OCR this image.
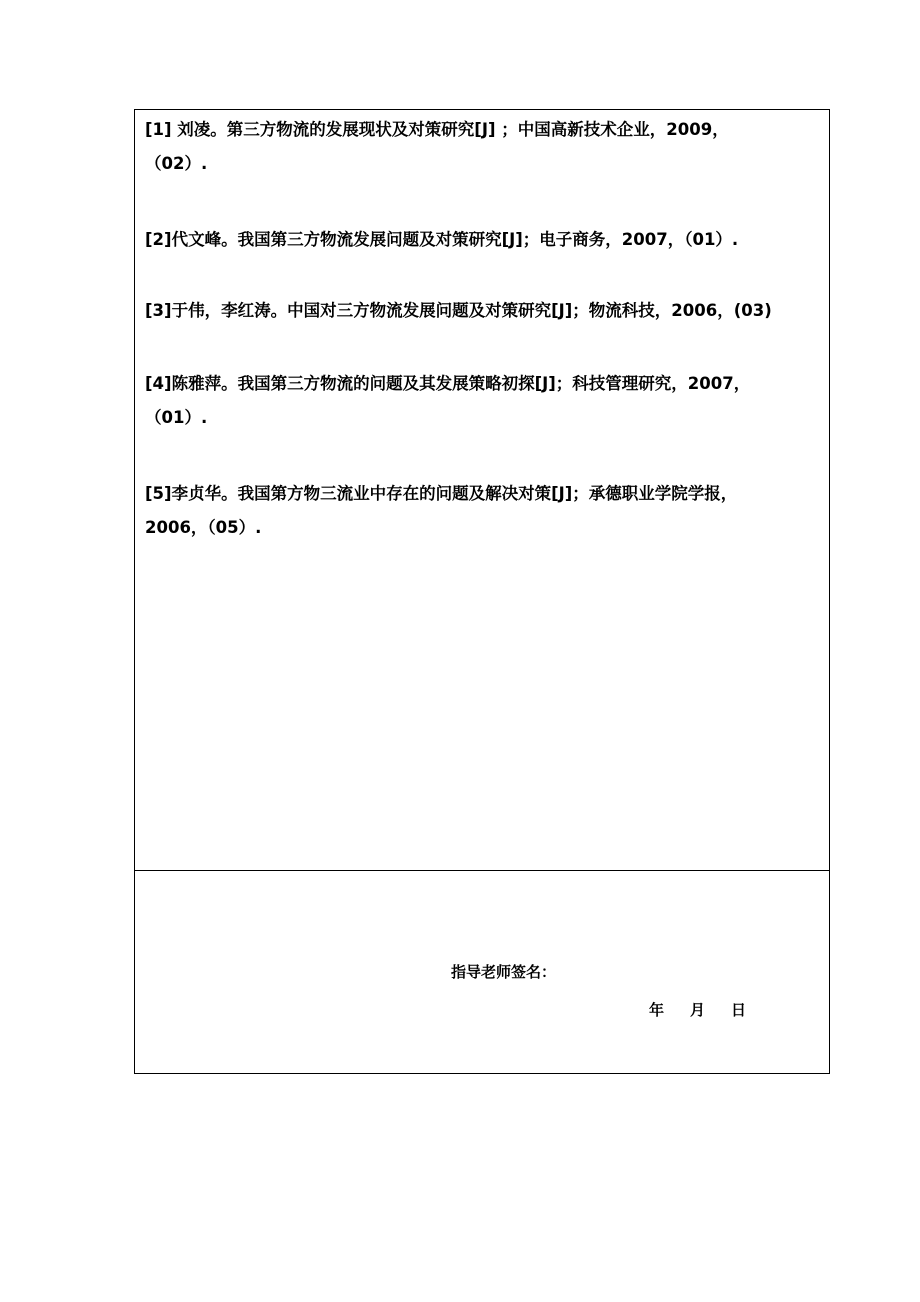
[1] 刘凌。第三方物流的发展现状及对策研究[J] ；中国高新技术企业，2009，
（02）.
[2]代文峰。我国第三方物流发展问题及对策研究[J]；电子商务，2007，（01）.
[3]于伟，李红涛。中国对三方物流发展问题及对策研究[J]；物流科技，2006，(03)
[4]陈雅萍。我国第三方物流的问题及其发展策略初探[J]；科技管理研究，2007，
（01）.
[5]李贞华。我国第方物三流业中存在的问题及解决对策[J]；承德职业学院学报，
2006，（05）.
指导老师签名：
年 月 日
